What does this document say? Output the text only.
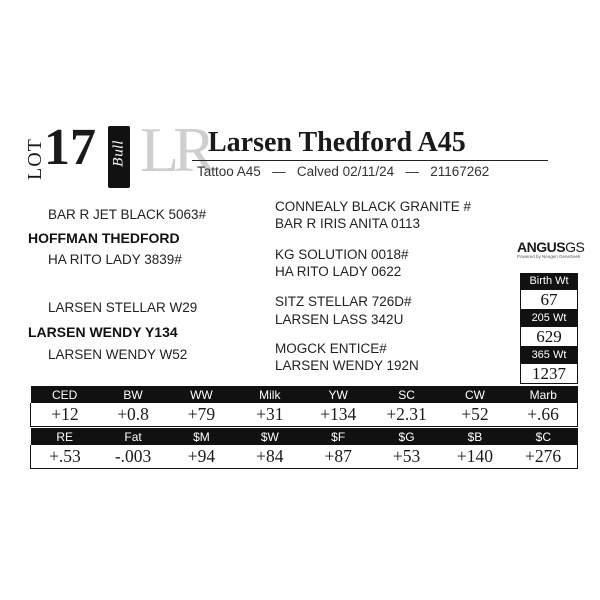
LOT
17 Bull LR
Larsen Thedford A45
Tattoo A45 — Calved 02/11/24 — 21167262
BAR R JET BLACK 5063#
HOFFMAN THEDFORD
HA RITO LADY 3839#
LARSEN STELLAR W29
LARSEN WENDY Y134
LARSEN WENDY W52
CONNEALY BLACK GRANITE #
BAR R IRIS ANITA 0113
KG SOLUTION 0018#
HA RITO LADY 0622
SITZ STELLAR 726D#
LARSEN LASS 342U
MOGCK ENTICE#
LARSEN WENDY 192N
ANGUSGS
Powered by Neogen GeneSeek
Birth Wt
67
205 Wt
629
365 Wt
1237
CED	BW	WW	Milk	YW	SC	CW	Marb
+12	+0.8	+79	+31	+134	+2.31	+52	+.66
RE	Fat	$M	$W	$F	$G	$B	$C
+.53	-.003	+94	+84	+87	+53	+140	+276
